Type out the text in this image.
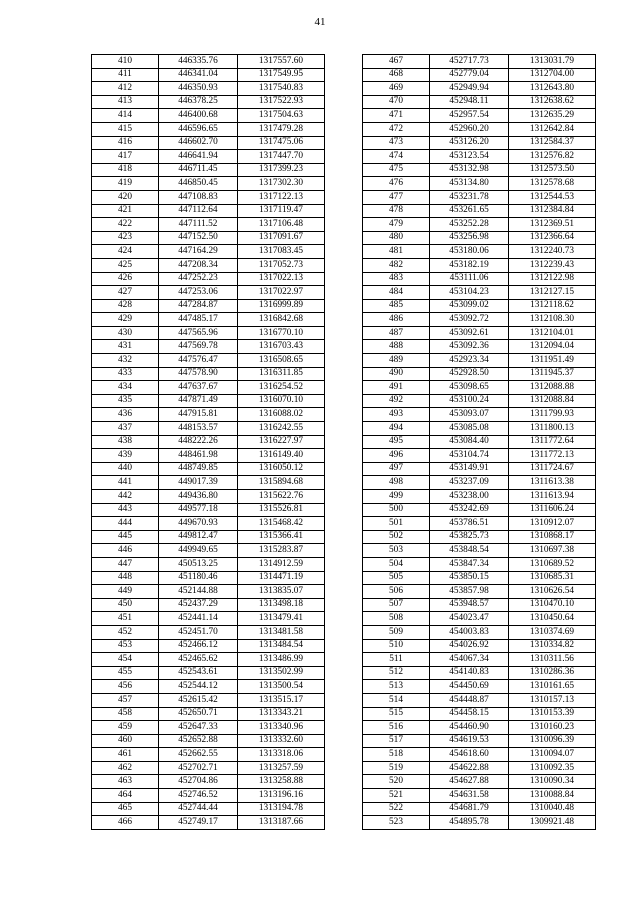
41
410	446335.76	1317557.60
411	446341.04	1317549.95
412	446350.93	1317540.83
413	446378.25	1317522.93
414	446400.68	1317504.63
415	446596.65	1317479.28
416	446602.70	1317475.06
417	446641.94	1317447.70
418	446711.45	1317399.23
419	446850.45	1317302.30
420	447108.83	1317122.13
421	447112.64	1317119.47
422	447111.52	1317106.48
423	447152.50	1317091.67
424	447164.29	1317083.45
425	447208.34	1317052.73
426	447252.23	1317022.13
427	447253.06	1317022.97
428	447284.87	1316999.89
429	447485.17	1316842.68
430	447565.96	1316770.10
431	447569.78	1316703.43
432	447576.47	1316508.65
433	447578.90	1316311.85
434	447637.67	1316254.52
435	447871.49	1316070.10
436	447915.81	1316088.02
437	448153.57	1316242.55
438	448222.26	1316227.97
439	448461.98	1316149.40
440	448749.85	1316050.12
441	449017.39	1315894.68
442	449436.80	1315622.76
443	449577.18	1315526.81
444	449670.93	1315468.42
445	449812.47	1315366.41
446	449949.65	1315283.87
447	450513.25	1314912.59
448	451180.46	1314471.19
449	452144.88	1313835.07
450	452437.29	1313498.18
451	452441.14	1313479.41
452	452451.70	1313481.58
453	452466.12	1313484.54
454	452465.62	1313486.99
455	452543.61	1313502.99
456	452544.12	1313500.54
457	452615.42	1313515.17
458	452650.71	1313343.21
459	452647.33	1313340.96
460	452652.88	1313332.60
461	452662.55	1313318.06
462	452702.71	1313257.59
463	452704.86	1313258.88
464	452746.52	1313196.16
465	452744.44	1313194.78
466	452749.17	1313187.66
467	452717.73	1313031.79
468	452779.04	1312704.00
469	452949.94	1312643.80
470	452948.11	1312638.62
471	452957.54	1312635.29
472	452960.20	1312642.84
473	453126.20	1312584.37
474	453123.54	1312576.82
475	453132.98	1312573.50
476	453134.80	1312578.68
477	453231.78	1312544.53
478	453261.65	1312384.84
479	453252.28	1312369.51
480	453256.98	1312366.64
481	453180.06	1312240.73
482	453182.19	1312239.43
483	453111.06	1312122.98
484	453104.23	1312127.15
485	453099.02	1312118.62
486	453092.72	1312108.30
487	453092.61	1312104.01
488	453092.36	1312094.04
489	452923.34	1311951.49
490	452928.50	1311945.37
491	453098.65	1312088.88
492	453100.24	1312088.84
493	453093.07	1311799.93
494	453085.08	1311800.13
495	453084.40	1311772.64
496	453104.74	1311772.13
497	453149.91	1311724.67
498	453237.09	1311613.38
499	453238.00	1311613.94
500	453242.69	1311606.24
501	453786.51	1310912.07
502	453825.73	1310868.17
503	453848.54	1310697.38
504	453847.34	1310689.52
505	453850.15	1310685.31
506	453857.98	1310626.54
507	453948.57	1310470.10
508	454023.47	1310450.64
509	454003.83	1310374.69
510	454026.92	1310334.82
511	454067.34	1310311.56
512	454140.83	1310286.36
513	454450.69	1310161.65
514	454448.87	1310157.13
515	454458.15	1310153.39
516	454460.90	1310160.23
517	454619.53	1310096.39
518	454618.60	1310094.07
519	454622.88	1310092.35
520	454627.88	1310090.34
521	454631.58	1310088.84
522	454681.79	1310040.48
523	454895.78	1309921.48
